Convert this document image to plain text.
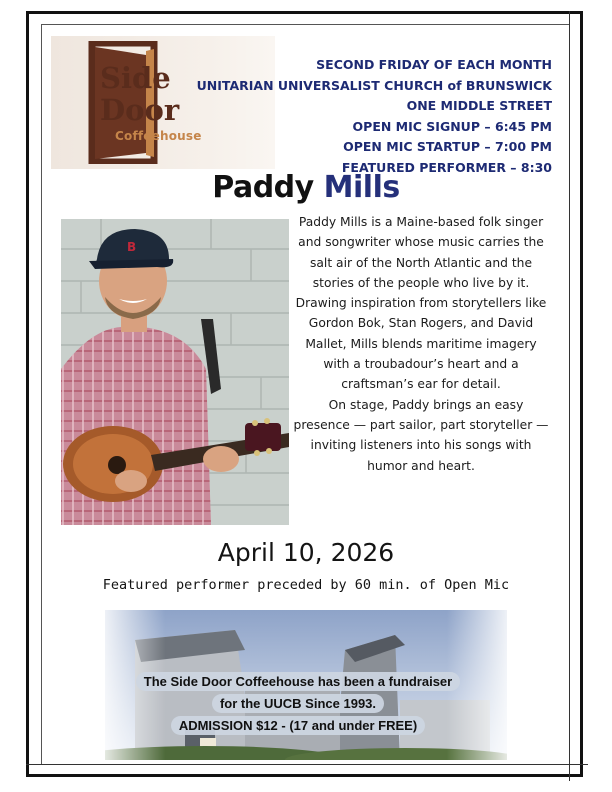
Side
Door
Coffeehouse
SECOND FRIDAY OF EACH MONTH
UNITARIAN UNIVERSALIST CHURCH of BRUNSWICK
ONE MIDDLE STREET
OPEN MIC SIGNUP – 6:45 PM
OPEN MIC STARTUP – 7:00 PM
FEATURED PERFORMER – 8:30
Paddy Mills
B

Paddy Mills is a Maine-based folk singer and songwriter whose music carries the salt air of the North Atlantic and the stories of the people who live by it. Drawing inspiration from storytellers like Gordon Bok, Stan Rogers, and David Mallet, Mills blends maritime imagery with a troubadour’s heart and a craftsman’s ear for detail.

On stage, Paddy brings an easy presence — part sailor, part storyteller — inviting listeners into his songs with humor and heart.

April 10, 2026
Featured performer preceded by 60 min. of Open Mic
The Side Door Coffeehouse has been a fundraiser
for the UUCB Since 1993.
ADMISSION $12 - (17 and under FREE)
